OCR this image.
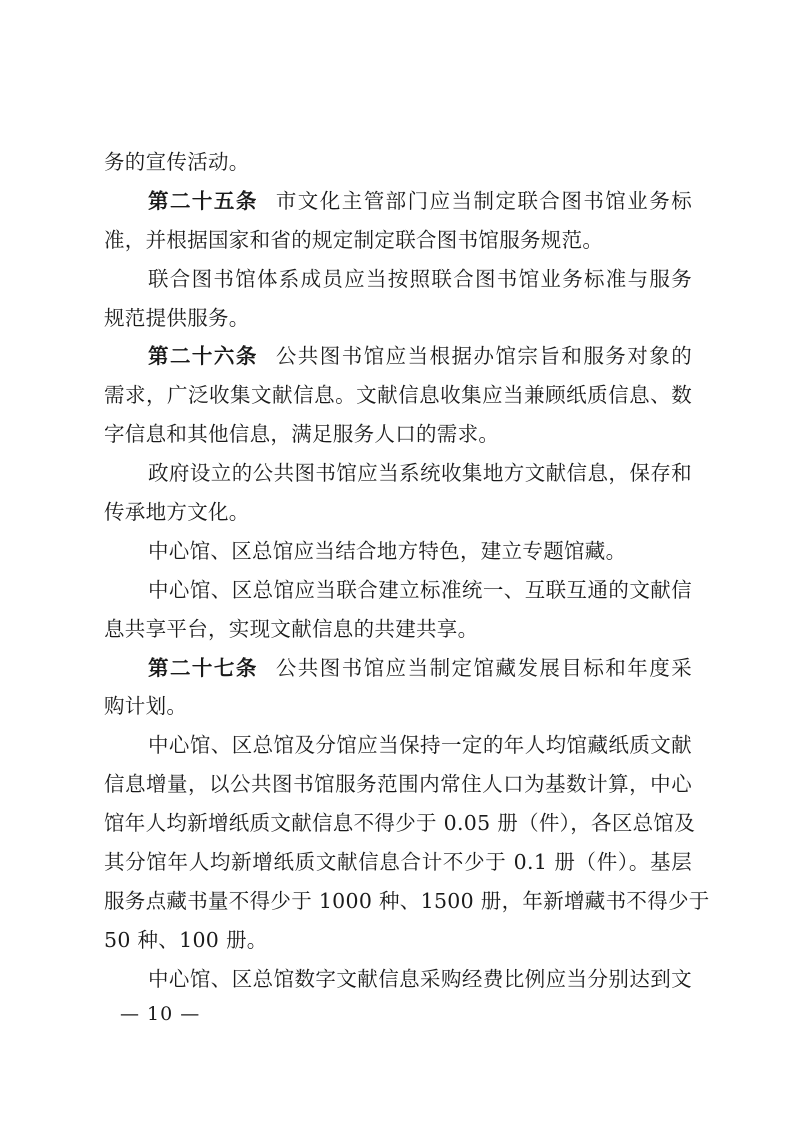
务的宣传活动。
第二十五条 市文化主管部门应当制定联合图书馆业务标
准，并根据国家和省的规定制定联合图书馆服务规范。
联合图书馆体系成员应当按照联合图书馆业务标准与服务
规范提供服务。
第二十六条 公共图书馆应当根据办馆宗旨和服务对象的
需求，广泛收集文献信息。文献信息收集应当兼顾纸质信息、数
字信息和其他信息，满足服务人口的需求。
政府设立的公共图书馆应当系统收集地方文献信息，保存和
传承地方文化。
中心馆、区总馆应当结合地方特色，建立专题馆藏。
中心馆、区总馆应当联合建立标准统一、互联互通的文献信
息共享平台，实现文献信息的共建共享。
第二十七条 公共图书馆应当制定馆藏发展目标和年度采
购计划。
中心馆、区总馆及分馆应当保持一定的年人均馆藏纸质文献
信息增量，以公共图书馆服务范围内常住人口为基数计算，中心
馆年人均新增纸质文献信息不得少于 0.05 册（件），各区总馆及
其分馆年人均新增纸质文献信息合计不少于 0.1 册（件）。基层
服务点藏书量不得少于 1000 种、1500 册，年新增藏书不得少于
50 种、100 册。
中心馆、区总馆数字文献信息采购经费比例应当分别达到文
— 10 —
